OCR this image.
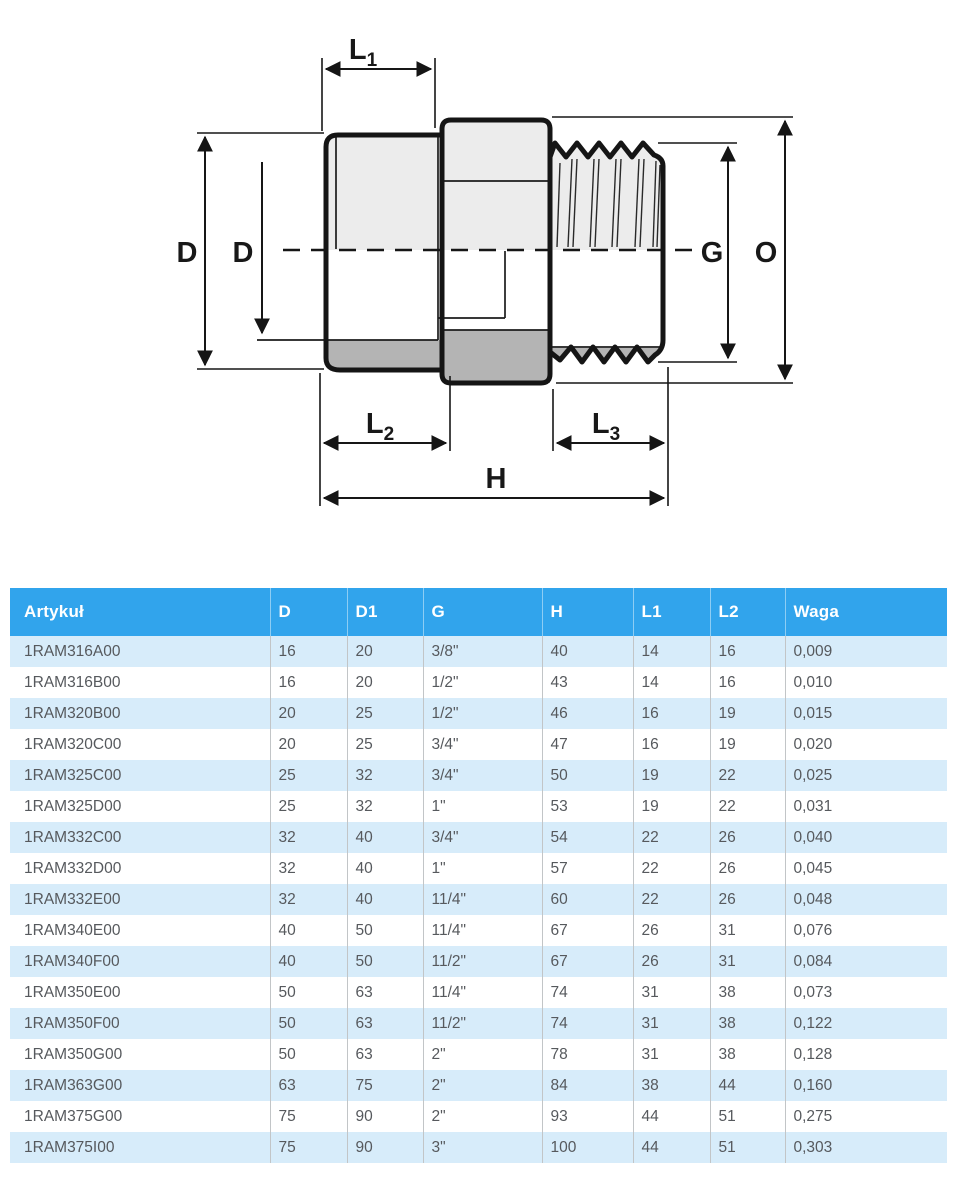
$L_1$
D D	G O
$L_2$	$L_3$
H
Artykuł	D	D1	G	H	L1	L2	Waga
1RAM316A00	16	20	3/8"	40	14	16	0,009
1RAM316B00	16	20	1/2"	43	14	16	0,010
1RAM320B00	20	25	1/2"	46	16	19	0,015
1RAM320C00	20	25	3/4"	47	16	19	0,020
1RAM325C00	25	32	3/4"	50	19	22	0,025
1RAM325D00	25	32	1"	53	19	22	0,031
1RAM332C00	32	40	3/4"	54	22	26	0,040
1RAM332D00	32	40	1"	57	22	26	0,045
1RAM332E00	32	40	11/4"	60	22	26	0,048
1RAM340E00	40	50	11/4"	67	26	31	0,076
1RAM340F00	40	50	11/2"	67	26	31	0,084
1RAM350E00	50	63	11/4"	74	31	38	0,073
1RAM350F00	50	63	11/2"	74	31	38	0,122
1RAM350G00	50	63	2"	78	31	38	0,128
1RAM363G00	63	75	2"	84	38	44	0,160
1RAM375G00	75	90	2"	93	44	51	0,275
1RAM375I00	75	90	3"	100	44	51	0,303
